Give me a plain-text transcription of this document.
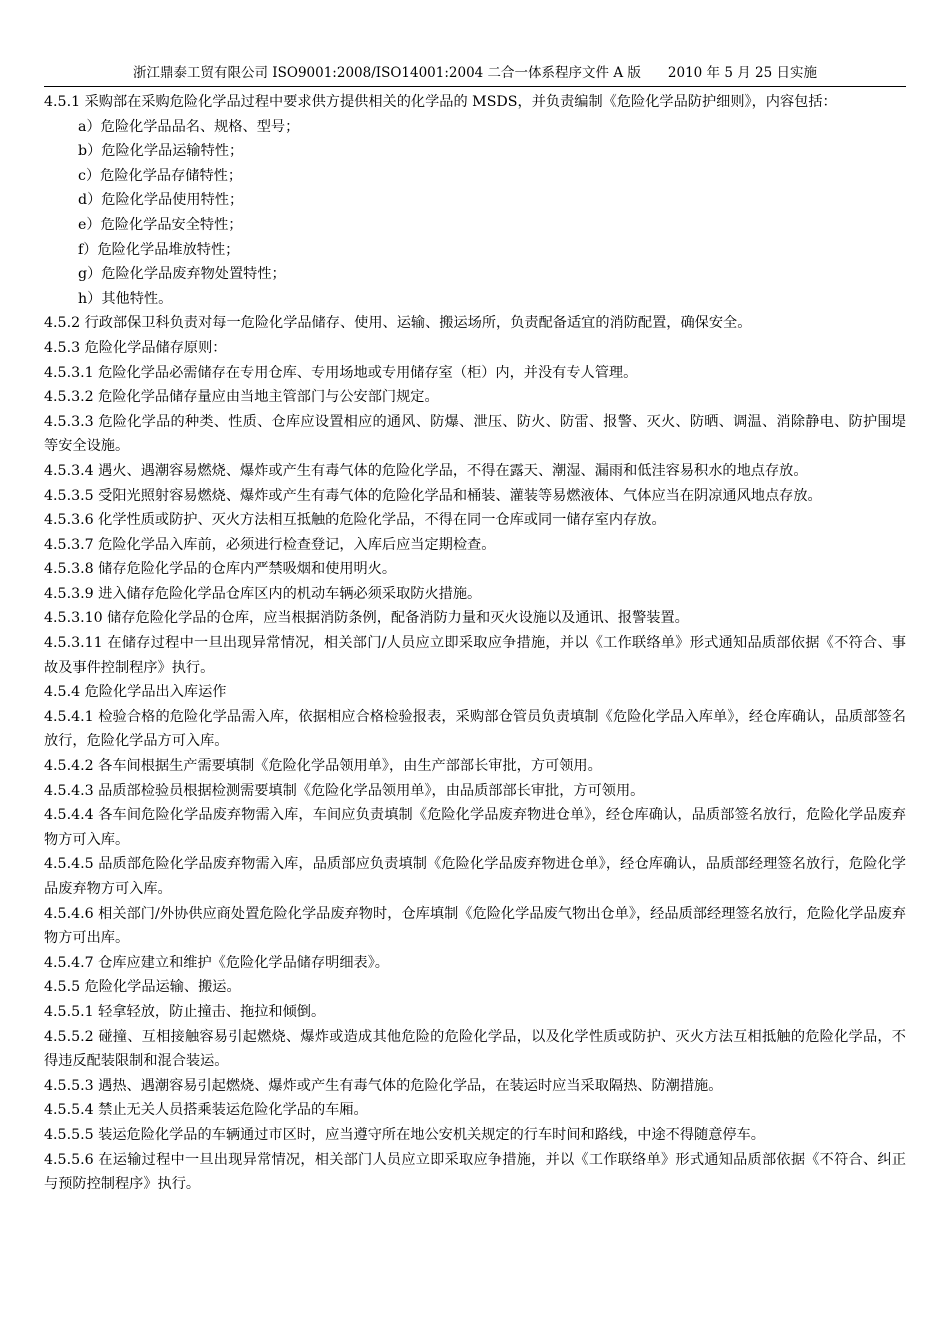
浙江鼎泰工贸有限公司 ISO9001:2008/ISO14001:2004 二合一体系程序文件 A 版　　2010 年 5 月 25 日实施

4.5.1 采购部在采购危险化学品过程中要求供方提供相关的化学品的 MSDS，并负责编制《危险化学品防护细则》，内容包括：

a）危险化学品品名、规格、型号；

b）危险化学品运输特性；

c）危险化学品存储特性；

d）危险化学品使用特性；

e）危险化学品安全特性；

f）危险化学品堆放特性；

g）危险化学品废弃物处置特性；

h）其他特性。

4.5.2 行政部保卫科负责对每一危险化学品储存、使用、运输、搬运场所，负责配备适宜的消防配置，确保安全。

4.5.3 危险化学品储存原则：

4.5.3.1 危险化学品必需储存在专用仓库、专用场地或专用储存室（柜）内，并没有专人管理。

4.5.3.2 危险化学品储存量应由当地主管部门与公安部门规定。

4.5.3.3 危险化学品的种类、性质、仓库应设置相应的通风、防爆、泄压、防火、防雷、报警、灭火、防晒、调温、消除静电、防护围堤等安全设施。

4.5.3.4 遇火、遇潮容易燃烧、爆炸或产生有毒气体的危险化学品，不得在露天、潮湿、漏雨和低洼容易积水的地点存放。

4.5.3.5 受阳光照射容易燃烧、爆炸或产生有毒气体的危险化学品和桶装、灌装等易燃液体、气体应当在阴凉通风地点存放。

4.5.3.6 化学性质或防护、灭火方法相互抵触的危险化学品，不得在同一仓库或同一储存室内存放。

4.5.3.7 危险化学品入库前，必须进行检查登记，入库后应当定期检查。

4.5.3.8 储存危险化学品的仓库内严禁吸烟和使用明火。

4.5.3.9 进入储存危险化学品仓库区内的机动车辆必须采取防火措施。

4.5.3.10 储存危险化学品的仓库，应当根据消防条例，配备消防力量和灭火设施以及通讯、报警装置。

4.5.3.11 在储存过程中一旦出现异常情况，相关部门/人员应立即采取应争措施，并以《工作联络单》形式通知品质部依据《不符合、事故及事件控制程序》执行。

4.5.4 危险化学品出入库运作

4.5.4.1 检验合格的危险化学品需入库，依据相应合格检验报表，采购部仓管员负责填制《危险化学品入库单》，经仓库确认，品质部签名放行，危险化学品方可入库。

4.5.4.2 各车间根据生产需要填制《危险化学品领用单》，由生产部部长审批，方可领用。

4.5.4.3 品质部检验员根据检测需要填制《危险化学品领用单》，由品质部部长审批，方可领用。

4.5.4.4 各车间危险化学品废弃物需入库，车间应负责填制《危险化学品废弃物进仓单》，经仓库确认，品质部签名放行，危险化学品废弃物方可入库。

4.5.4.5 品质部危险化学品废弃物需入库，品质部应负责填制《危险化学品废弃物进仓单》，经仓库确认，品质部经理签名放行，危险化学品废弃物方可入库。

4.5.4.6 相关部门/外协供应商处置危险化学品废弃物时，仓库填制《危险化学品废气物出仓单》，经品质部经理签名放行，危险化学品废弃物方可出库。

4.5.4.7 仓库应建立和维护《危险化学品储存明细表》。

4.5.5 危险化学品运输、搬运。

4.5.5.1 轻拿轻放，防止撞击、拖拉和倾倒。

4.5.5.2 碰撞、互相接触容易引起燃烧、爆炸或造成其他危险的危险化学品，以及化学性质或防护、灭火方法互相抵触的危险化学品，不得违反配装限制和混合装运。

4.5.5.3 遇热、遇潮容易引起燃烧、爆炸或产生有毒气体的危险化学品，在装运时应当采取隔热、防潮措施。

4.5.5.4 禁止无关人员搭乘装运危险化学品的车厢。

4.5.5.5 装运危险化学品的车辆通过市区时，应当遵守所在地公安机关规定的行车时间和路线，中途不得随意停车。

4.5.5.6 在运输过程中一旦出现异常情况，相关部门人员应立即采取应争措施，并以《工作联络单》形式通知品质部依据《不符合、纠正与预防控制程序》执行。
